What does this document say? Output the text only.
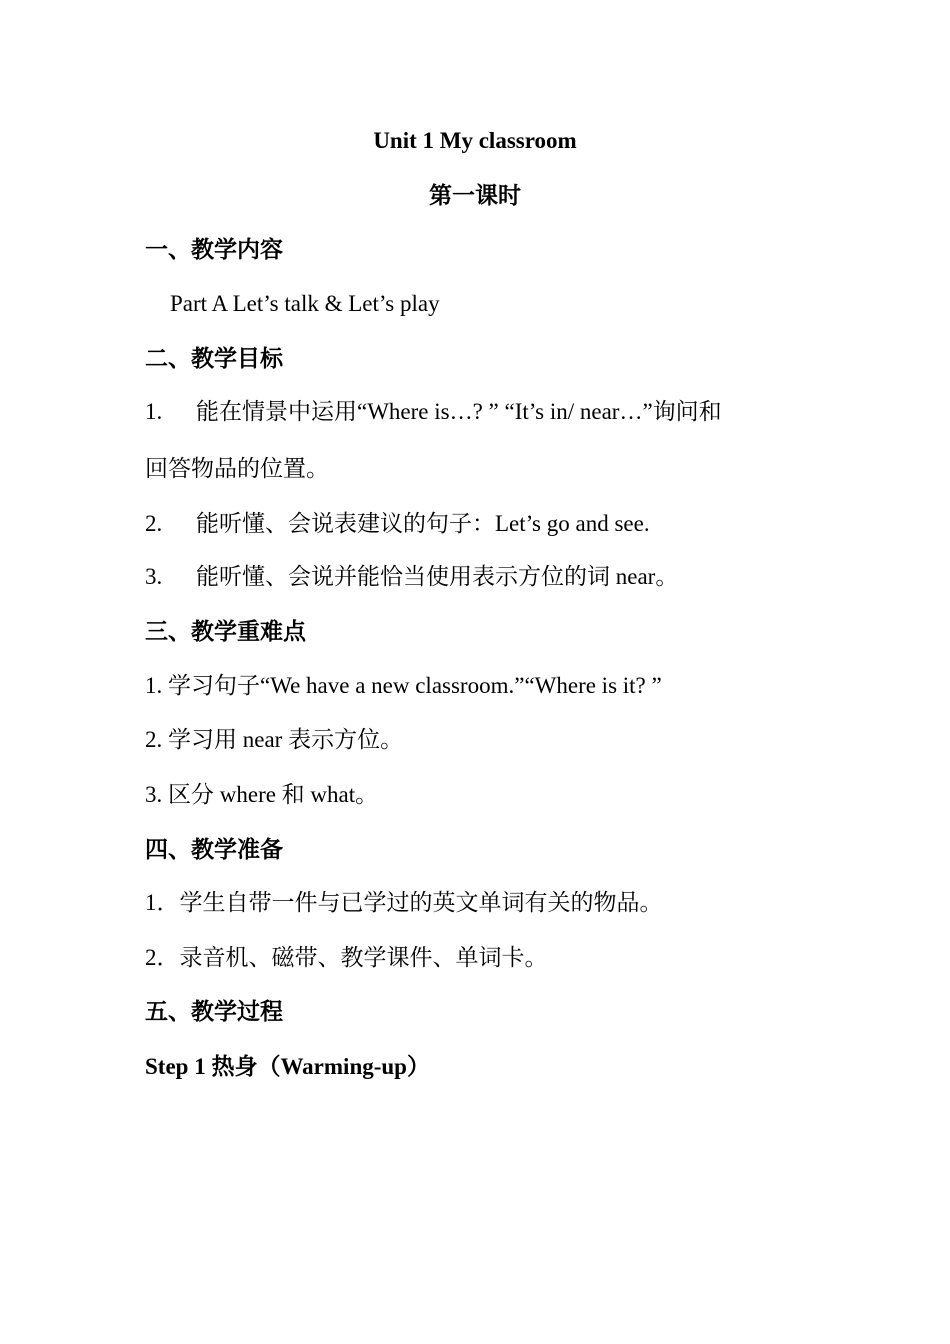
Unit 1 My classroom
第一课时
一、教学内容
Part A Let’s talk & Let’s play
二、教学目标
1. 能在情景中运用“Where is…? ” “It’s in/ near…”询问和
回答物品的位置。
2. 能听懂、会说表建议的句子：Let’s go and see.
3. 能听懂、会说并能恰当使用表示方位的词 near。
三、教学重难点
1. 学习句子“We have a new classroom.”“Where is it? ”
2. 学习用 near 表示方位。
3. 区分 where 和 what。
四、教学准备
1．学生自带一件与已学过的英文单词有关的物品。
2．录音机、磁带、教学课件、单词卡。
五、教学过程
Step 1 热身（Warming-up）
